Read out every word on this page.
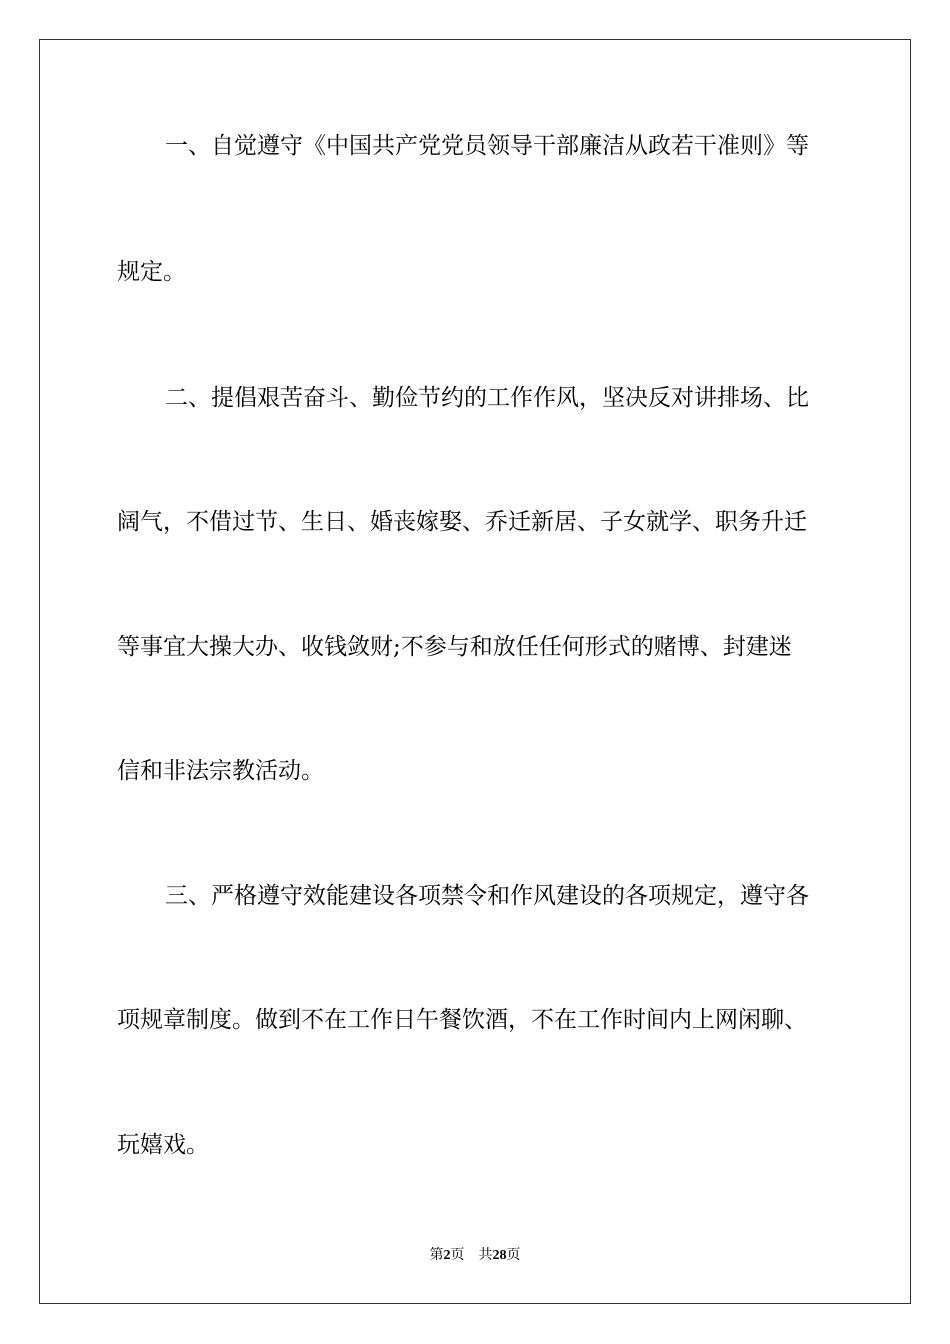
一、自觉遵守《中国共产党党员领导干部廉洁从政若干准则》等
规定。
二、提倡艰苦奋斗、勤俭节约的工作作风，坚决反对讲排场、比
阔气，不借过节、生日、婚丧嫁娶、乔迁新居、子女就学、职务升迁
等事宜大操大办、收钱敛财;不参与和放任任何形式的赌博、封建迷
信和非法宗教活动。
三、严格遵守效能建设各项禁令和作风建设的各项规定，遵守各
项规章制度。做到不在工作日午餐饮酒，不在工作时间内上网闲聊、
玩嬉戏。
第2页 共28页
